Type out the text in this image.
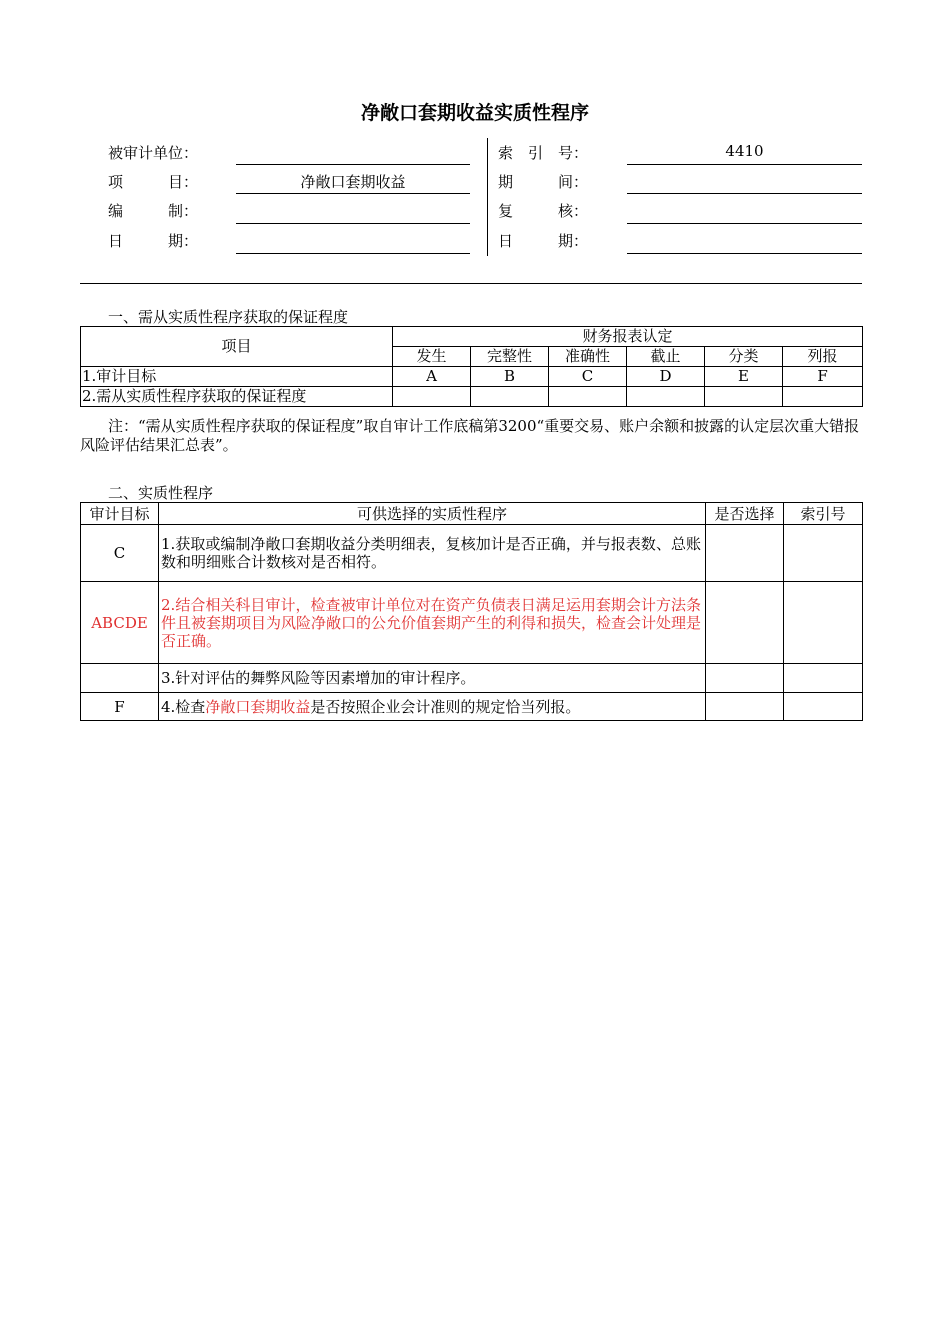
净敞口套期收益实质性程序
被审计单位：
项　　　目：	净敞口套期收益
编　　　制：
日　　　期：
索　引　号：	4410
期　　　间：
复　　　核：
日　　　期：
一、需从实质性程序获取的保证程度
项目	财务报表认定					
	发生	完整性	准确性	截止	分类	列报
1.审计目标	A	B	C	D	E	F
2.需从实质性程序获取的保证程度						
注：“需从实质性程序获取的保证程度”取自审计工作底稿第3200“重要交易、账户余额和披露的认定层次重大错报风险评估结果汇总表”。
二、实质性程序
审计目标	可供选择的实质性程序	是否选择	索引号
C	1.获取或编制净敞口套期收益分类明细表，复核加计是否正确，并与报表数、总账数和明细账合计数核对是否相符。		
ABCDE	2.结合相关科目审计，检查被审计单位对在资产负债表日满足运用套期会计方法条件且被套期项目为风险净敞口的公允价值套期产生的利得和损失，检查会计处理是否正确。		
	3.针对评估的舞弊风险等因素增加的审计程序。		
F	4.检查净敞口套期收益是否按照企业会计准则的规定恰当列报。		
